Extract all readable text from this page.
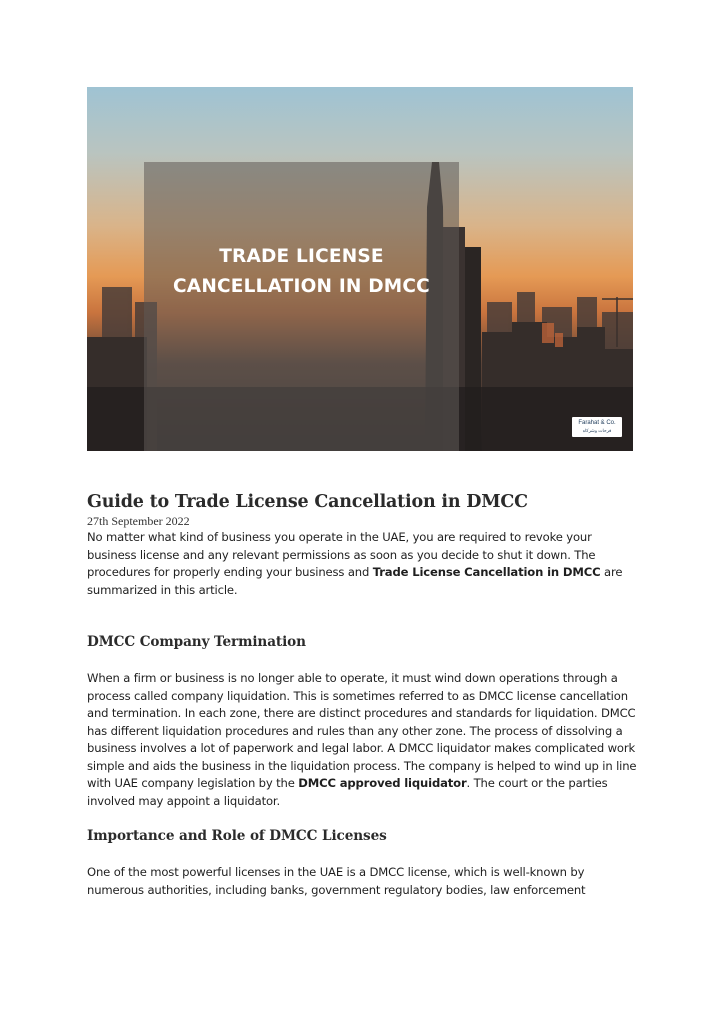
TRADE LICENSE
CANCELLATION IN DMCC
Farahat & Co.
فرحات وشركاه
Guide to Trade License Cancellation in DMCC
27th September 2022

No matter what kind of business you operate in the UAE, you are required to revoke your business license and any relevant permissions as soon as you decide to shut it down. The procedures for properly ending your business and Trade License Cancellation in DMCC are summarized in this article.

DMCC Company Termination

When a firm or business is no longer able to operate, it must wind down operations through a process called company liquidation. This is sometimes referred to as DMCC license cancellation and termination. In each zone, there are distinct procedures and standards for liquidation. DMCC has different liquidation procedures and rules than any other zone. The process of dissolving a business involves a lot of paperwork and legal labor. A DMCC liquidator makes complicated work simple and aids the business in the liquidation process. The company is helped to wind up in line with UAE company legislation by the DMCC approved liquidator. The court or the parties involved may appoint a liquidator.

Importance and Role of DMCC Licenses

One of the most powerful licenses in the UAE is a DMCC license, which is well-known by numerous authorities, including banks, government regulatory bodies, law enforcement
